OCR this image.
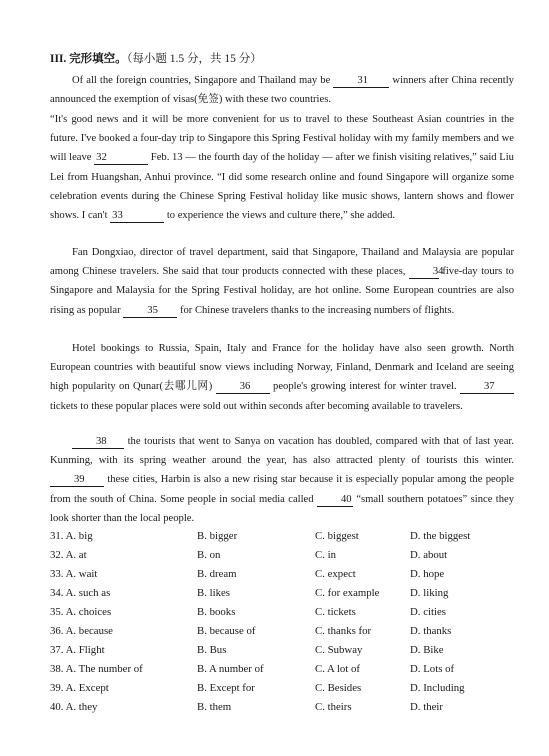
III. 完形填空。（每小题 1.5 分，共 15 分）
Of all the foreign countries, Singapore and Thailand may be	31 winners after China recently announced the exemption of visas(免签) with these two countries.
“It's good news and it will be more convenient for us to travel to these Southeast Asian countries in the future. I've booked a four-day trip to Singapore this Spring Festival holiday with my family members and we will leave 32	Feb. 13 — the fourth day of the holiday — after we finish visiting relatives,” said Liu Lei from Huangshan, Anhui province. “I did some research online and found Singapore will organize some celebration events during the Chinese Spring Festival holiday like music shows, lantern shows and flower shows. I can't 33	to experience the views and culture there,” she added.
Fan Dongxiao, director of travel department, said that Singapore, Thailand and Malaysia are popular among Chinese travelers. She said that tour products connected with these places,	34 five-day tours to Singapore and Malaysia for the Spring Festival holiday, are hot online. Some European countries are also rising as popular	35 for Chinese travelers thanks to the increasing numbers of flights.
Hotel bookings to Russia, Spain, Italy and France for the holiday have also seen growth. North European countries with beautiful snow views including Norway, Finland, Denmark and Iceland are seeing high popularity on Qunar(去哪儿网)	36 people's growing interest for winter travel.	37 tickets to these popular places were sold out within seconds after becoming available to travelers.
38 the tourists that went to Sanya on vacation has doubled, compared with that of last year. Kunming, with its spring weather around the year, has also attracted plenty of tourists this winter. 39 these cities, Harbin is also a new rising star because it is especially popular among the people from the south of China. Some people in social media called	40 “small southern potatoes” since they look shorter than the local people.
31. A. big	B. bigger	C. biggest	D. the biggest
32. A. at	B. on	C. in	D. about
33. A. wait	B. dream	C. expect	D. hope
34. A. such as	B. likes	C. for example	D. liking
35. A. choices	B. books	C. tickets	D. cities
36. A. because	B. because of	C. thanks for	D. thanks
37. A. Flight	B. Bus	C. Subway	D. Bike
38. A. The number of	B. A number of	C. A lot of	D. Lots of
39. A. Except	B. Except for	C. Besides	D. Including
40. A. they	B. them	C. theirs	D. their
